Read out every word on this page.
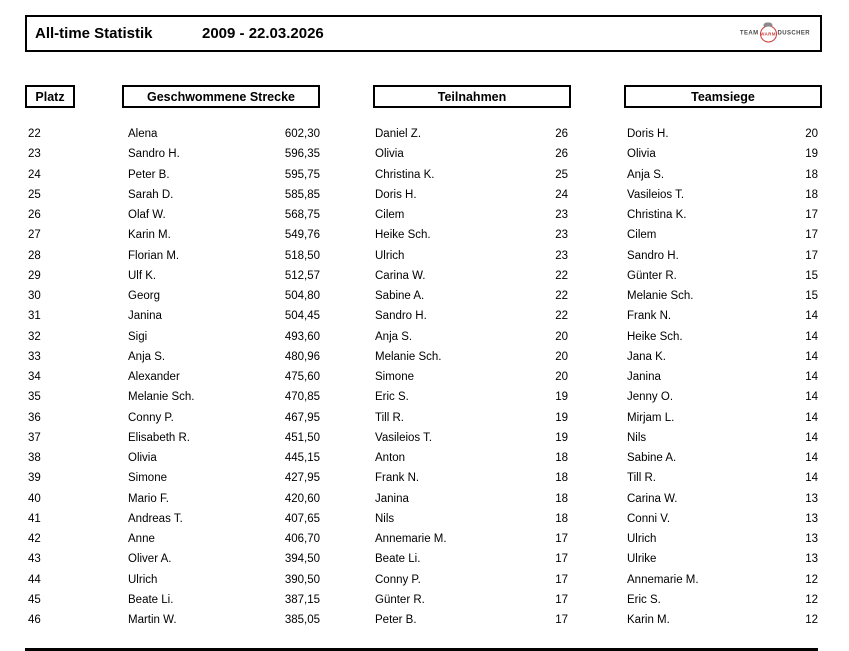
All-time Statistik	2009 - 22.03.2026	TEAM WARM DUSCHER
Platz	Geschwommene Strecke	Teilnahmen	Teamsiege
22	Alena	602,30	Daniel Z.	26	Doris H.	20
23	Sandro H.	596,35	Olivia	26	Olivia	19
24	Peter B.	595,75	Christina K.	25	Anja S.	18
25	Sarah D.	585,85	Doris H.	24	Vasileios T.	18
26	Olaf W.	568,75	Cilem	23	Christina K.	17
27	Karin M.	549,76	Heike Sch.	23	Cilem	17
28	Florian M.	518,50	Ulrich	23	Sandro H.	17
29	Ulf K.	512,57	Carina W.	22	Günter R.	15
30	Georg	504,80	Sabine A.	22	Melanie Sch.	15
31	Janina	504,45	Sandro H.	22	Frank N.	14
32	Sigi	493,60	Anja S.	20	Heike Sch.	14
33	Anja S.	480,96	Melanie Sch.	20	Jana K.	14
34	Alexander	475,60	Simone	20	Janina	14
35	Melanie Sch.	470,85	Eric S.	19	Jenny O.	14
36	Conny P.	467,95	Till R.	19	Mirjam L.	14
37	Elisabeth R.	451,50	Vasileios T.	19	Nils	14
38	Olivia	445,15	Anton	18	Sabine A.	14
39	Simone	427,95	Frank N.	18	Till R.	14
40	Mario F.	420,60	Janina	18	Carina W.	13
41	Andreas T.	407,65	Nils	18	Conni V.	13
42	Anne	406,70	Annemarie M.	17	Ulrich	13
43	Oliver A.	394,50	Beate Li.	17	Ulrike	13
44	Ulrich	390,50	Conny P.	17	Annemarie M.	12
45	Beate Li.	387,15	Günter R.	17	Eric S.	12
46	Martin W.	385,05	Peter B.	17	Karin M.	12
